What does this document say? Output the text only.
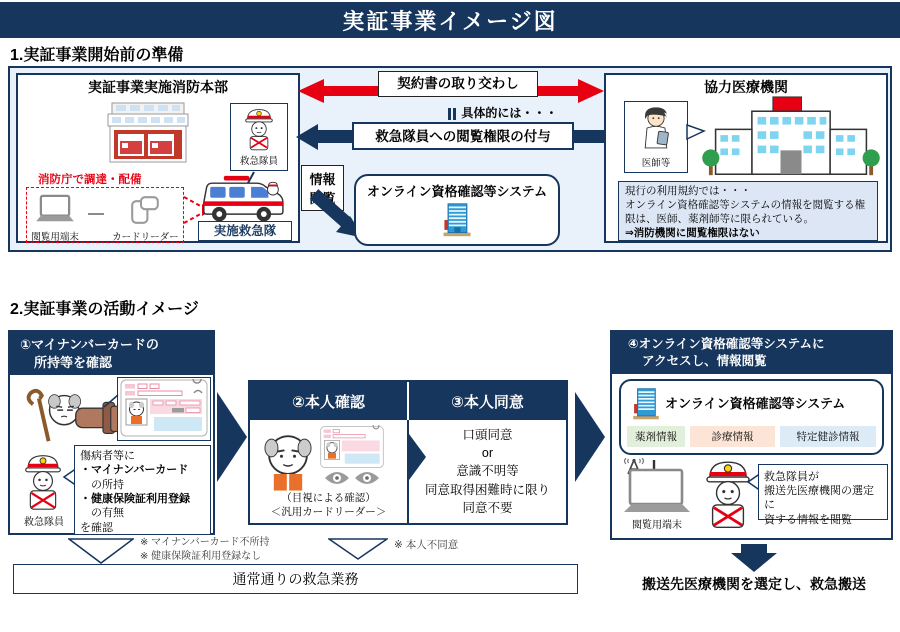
実証事業イメージ図
1.実証事業開始前の準備
実証事業実施消防本部
救急隊員
消防庁で調達・配備
閲覧用端末	カードリーダー	実施救急隊
契約書の取り交わし
具体的には・・・
救急隊員への閲覧権限の付与
情報
閲覧	オンライン資格確認等システム
協力医療機関
医師等
現行の利用規約では・・・
オンライン資格確認等システムの情報を閲覧する権限は、医師、薬剤師等に限られている。
⇒消防機関に閲覧権限はない
2.実証事業の活動イメージ
①マイナンバーカードの
所持等を確認
救急隊員
傷病者等に
・マイナンバーカード
　の所持
・健康保険証利用登録
　の有無
を確認
②本人確認	③本人同意
（目視による確認）
＜汎用カードリーダー＞
口頭同意
or
意識不明等
同意取得困難時に限り
同意不要
④オンライン資格確認等システムに
アクセスし、情報閲覧
オンライン資格確認等システム
薬剤情報	診療情報	特定健診情報
閲覧用端末
救急隊員が
搬送先医療機関の選定に
資する情報を閲覧
搬送先医療機関を選定し、救急搬送
※ マイナンバーカード不所持
※ 健康保険証利用登録なし
※ 本人不同意
通常通りの救急業務
